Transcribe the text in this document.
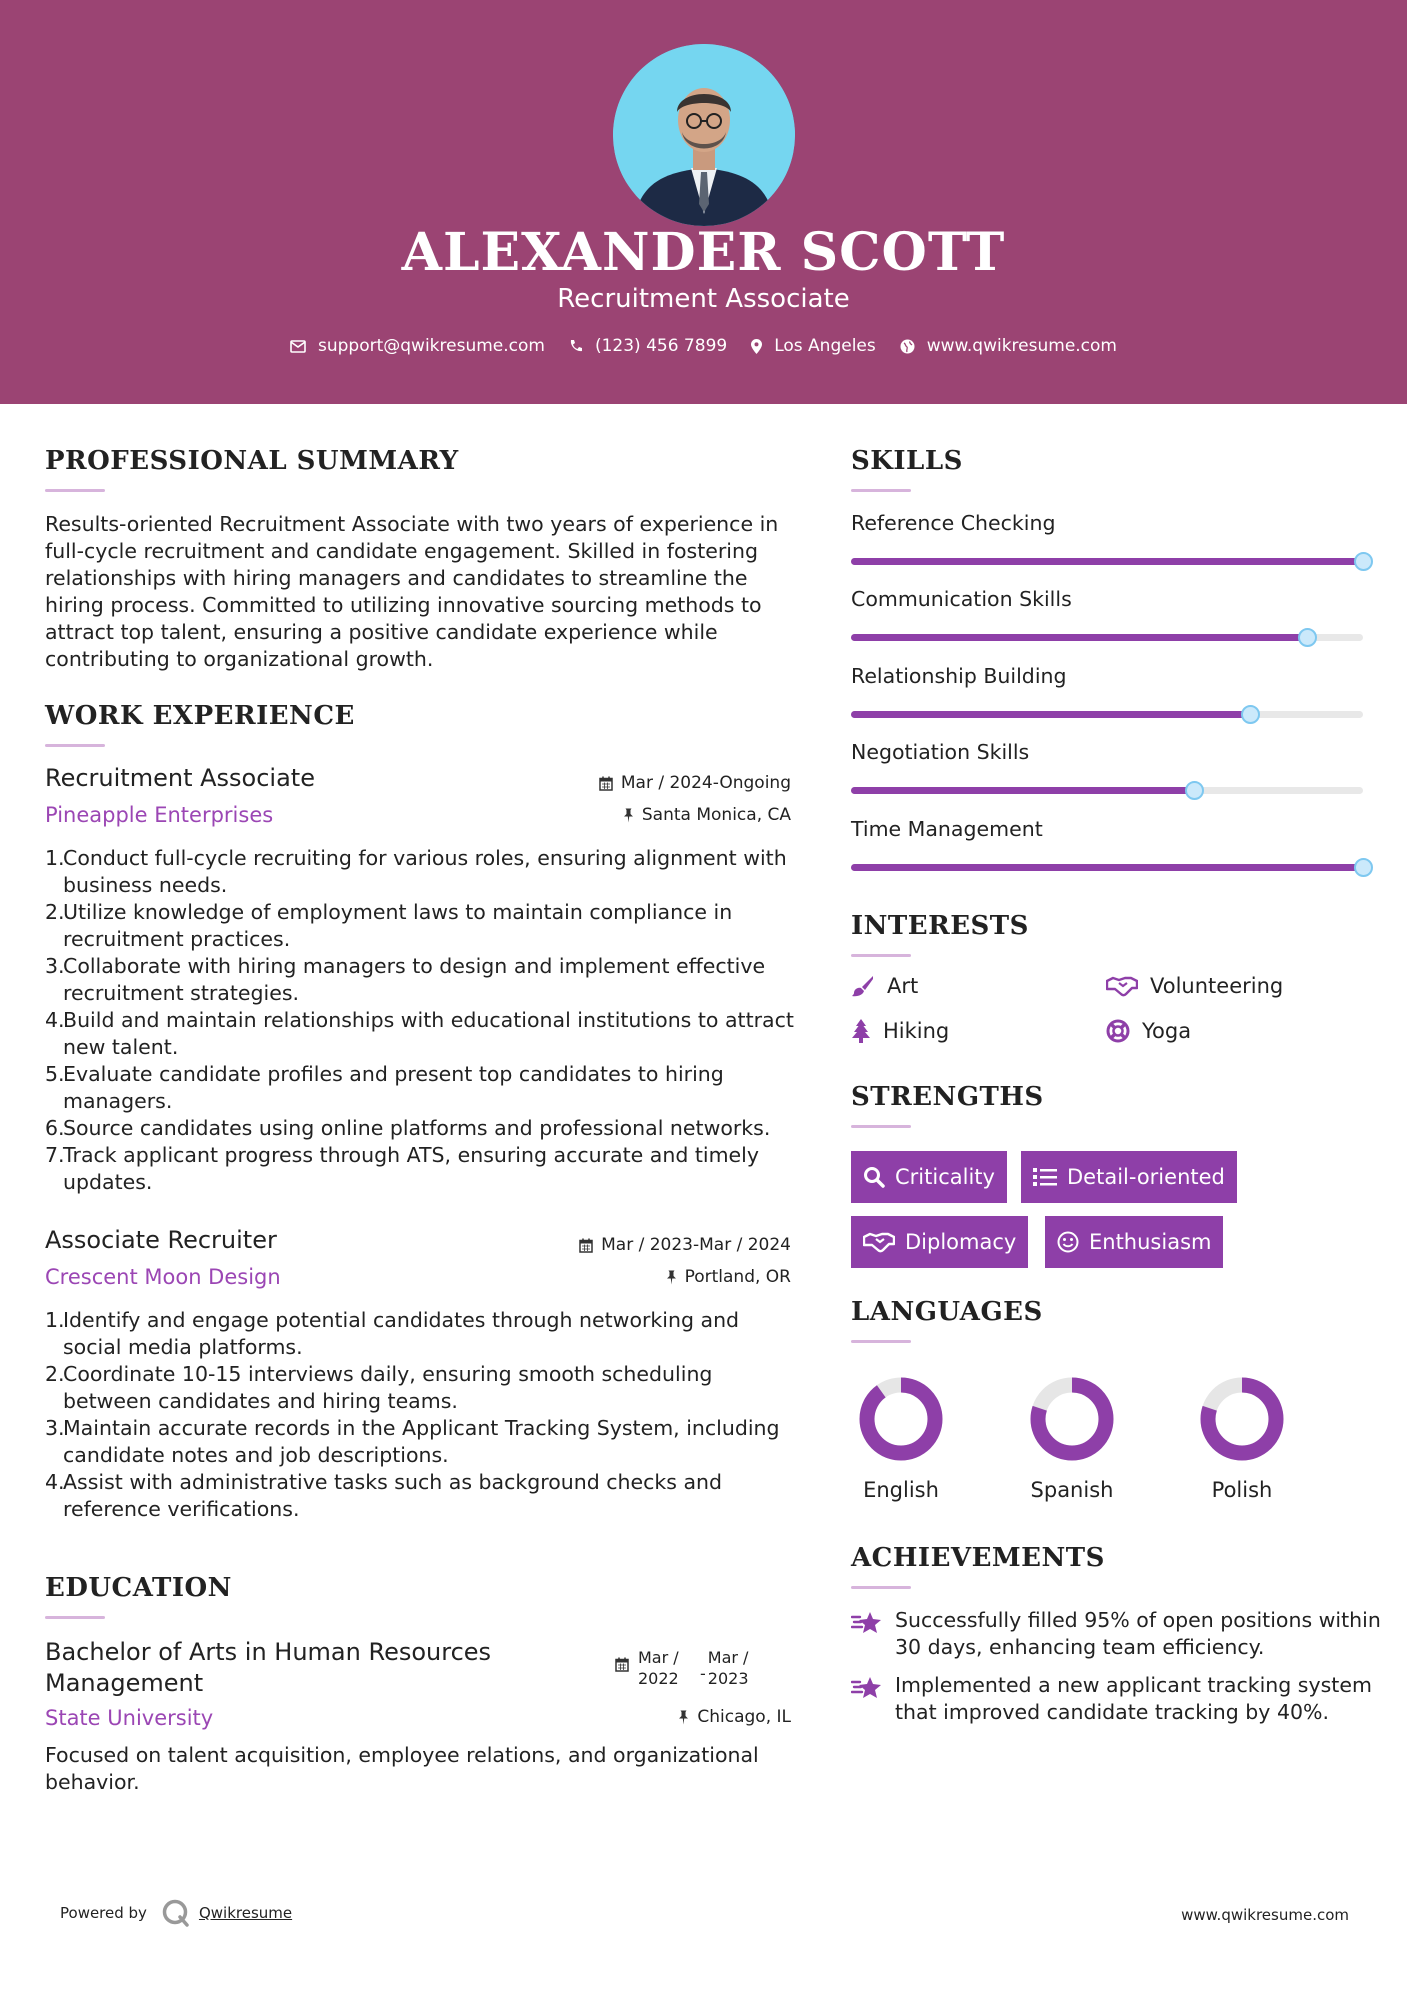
ALEXANDER SCOTT
Recruitment Associate
support@qwikresume.com	(123) 456 7899	Los Angeles	www.qwikresume.com
PROFESSIONAL SUMMARY
Results-oriented Recruitment Associate with two years of experience in full-cycle recruitment and candidate engagement. Skilled in fostering relationships with hiring managers and candidates to streamline the hiring process. Committed to utilizing innovative sourcing methods to attract top talent, ensuring a positive candidate experience while contributing to organizational growth.
WORK EXPERIENCE
Recruitment Associate
Pineapple Enterprises
Mar / 2024-Ongoing
Santa Monica, CA
1.
Conduct full-cycle recruiting for various roles, ensuring alignment with business needs.
2.
Utilize knowledge of employment laws to maintain compliance in recruitment practices.
3.
Collaborate with hiring managers to design and implement effective recruitment strategies.
4.
Build and maintain relationships with educational institutions to attract new talent.
5.
Evaluate candidate profiles and present top candidates to hiring managers.
6.
Source candidates using online platforms and professional networks.
7.
Track applicant progress through ATS, ensuring accurate and timely updates.
Associate Recruiter
Crescent Moon Design
Mar / 2023-Mar / 2024
Portland, OR
1.
Identify and engage potential candidates through networking and social media platforms.
2.
Coordinate 10-15 interviews daily, ensuring smooth scheduling between candidates and hiring teams.
3.
Maintain accurate records in the Applicant Tracking System, including candidate notes and job descriptions.
4.
Assist with administrative tasks such as background checks and reference verifications.
EDUCATION
Bachelor of Arts in Human Resources Management
State University
Mar / 2022	-
Mar / 2023
Chicago, IL
Focused on talent acquisition, employee relations, and organizational behavior.
SKILLS
Reference Checking
Communication Skills
Relationship Building
Negotiation Skills
Time Management
INTERESTS
Art	Volunteering
Hiking	Yoga
STRENGTHS
Criticality	Detail-oriented
Diplomacy	Enthusiasm
LANGUAGES
English	Spanish	Polish
ACHIEVEMENTS
Successfully filled 95% of open positions within 30 days, enhancing team efficiency.
Implemented a new applicant tracking system that improved candidate tracking by 40%.
Powered by	Qwikresume	www.qwikresume.com
